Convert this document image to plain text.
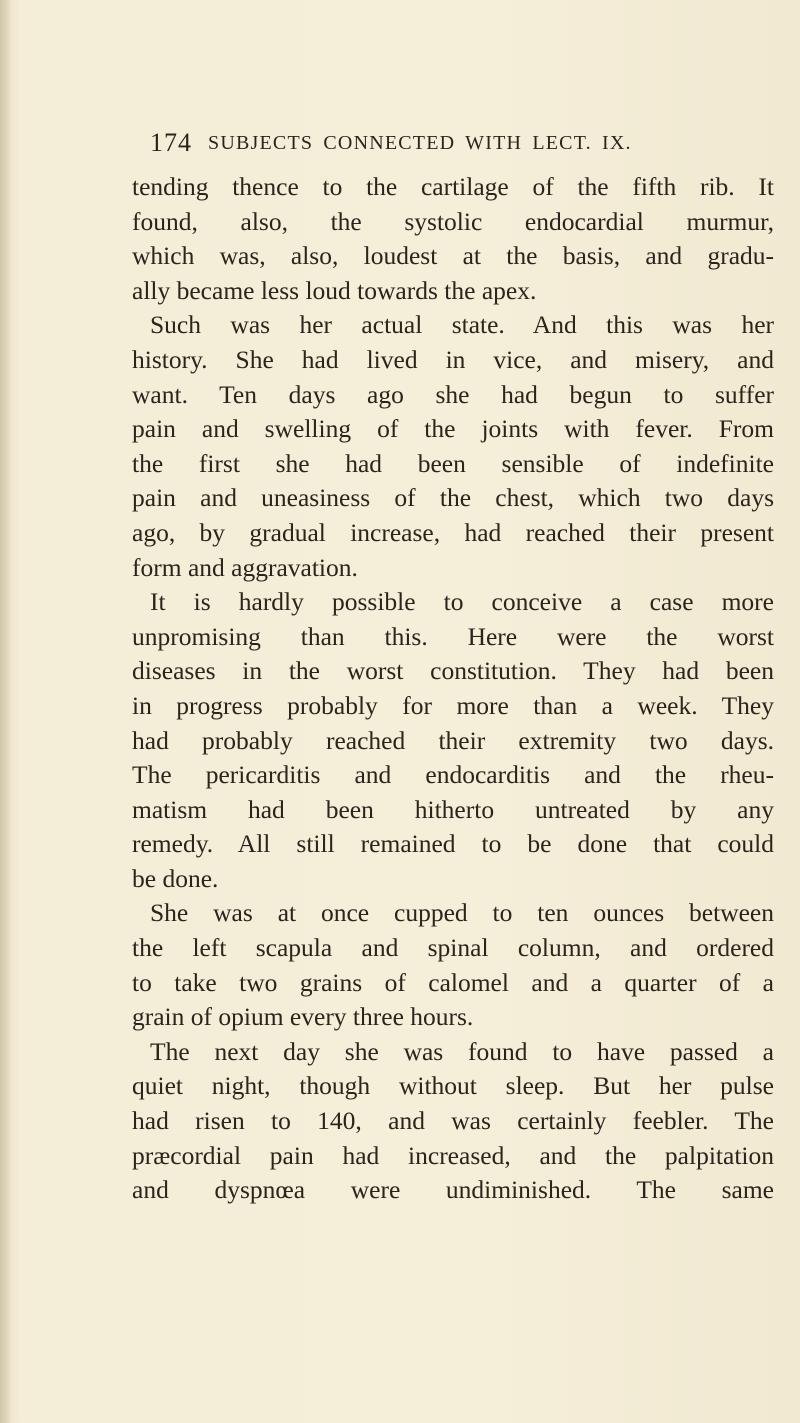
174 SUBJECTS CONNECTED WITH LECT. IX.
tending thence to the cartilage of the fifth rib. It
found, also, the systolic endocardial murmur,
which was, also, loudest at the basis, and gradu-
ally became less loud towards the apex.
Such was her actual state. And this was her
history. She had lived in vice, and misery, and
want. Ten days ago she had begun to suffer
pain and swelling of the joints with fever. From
the first she had been sensible of indefinite
pain and uneasiness of the chest, which two days
ago, by gradual increase, had reached their present
form and aggravation.
It is hardly possible to conceive a case more
unpromising than this. Here were the worst
diseases in the worst constitution. They had been
in progress probably for more than a week. They
had probably reached their extremity two days.
The pericarditis and endocarditis and the rheu-
matism had been hitherto untreated by any
remedy. All still remained to be done that could
be done.
She was at once cupped to ten ounces between
the left scapula and spinal column, and ordered
to take two grains of calomel and a quarter of a
grain of opium every three hours.
The next day she was found to have passed a
quiet night, though without sleep. But her pulse
had risen to 140, and was certainly feebler. The
præcordial pain had increased, and the palpitation
and dyspnœa were undiminished. The same
